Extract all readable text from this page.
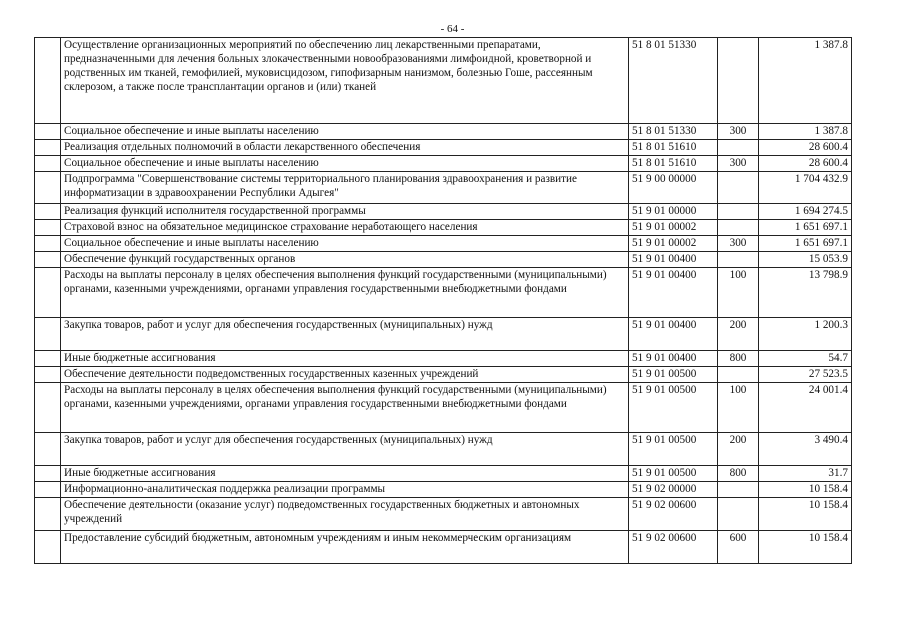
- 64 -
	Осуществление организационных мероприятий по обеспечению лиц лекарственными препаратами, предназначенными для лечения больных злокачественными новообразованиями лимфоидной, кроветворной и родственных им тканей, гемофилией, муковисцидозом, гипофизарным нанизмом, болезнью Гоше, рассеянным склерозом, а также после трансплантации органов и (или) тканей	51 8 01 51330		1 387.8
	Социальное обеспечение и иные выплаты населению	51 8 01 51330	300	1 387.8
	Реализация отдельных полномочий в области лекарственного обеспечения	51 8 01 51610		28 600.4
	Социальное обеспечение и иные выплаты населению	51 8 01 51610	300	28 600.4
	Подпрограмма "Совершенствование системы территориального планирования здравоохранения и развитие информатизации в здравоохранении Республики Адыгея"	51 9 00 00000		1 704 432.9
	Реализация функций исполнителя государственной программы	51 9 01 00000		1 694 274.5
	Страховой взнос на обязательное медицинское страхование неработающего населения	51 9 01 00002		1 651 697.1
	Социальное обеспечение и иные выплаты населению	51 9 01 00002	300	1 651 697.1
	Обеспечение функций государственных органов	51 9 01 00400		15 053.9
	Расходы на выплаты персоналу в целях обеспечения выполнения функций государственными (муниципальными) органами, казенными учреждениями, органами управления государственными внебюджетными фондами	51 9 01 00400	100	13 798.9
	Закупка товаров, работ и услуг для обеспечения государственных (муниципальных) нужд	51 9 01 00400	200	1 200.3
	Иные бюджетные ассигнования	51 9 01 00400	800	54.7
	Обеспечение деятельности подведомственных государственных казенных учреждений	51 9 01 00500		27 523.5
	Расходы на выплаты персоналу в целях обеспечения выполнения функций государственными (муниципальными) органами, казенными учреждениями, органами управления государственными внебюджетными фондами	51 9 01 00500	100	24 001.4
	Закупка товаров, работ и услуг для обеспечения государственных (муниципальных) нужд	51 9 01 00500	200	3 490.4
	Иные бюджетные ассигнования	51 9 01 00500	800	31.7
	Информационно-аналитическая поддержка реализации программы	51 9 02 00000		10 158.4
	Обеспечение деятельности (оказание услуг) подведомственных государственных бюджетных и автономных учреждений	51 9 02 00600		10 158.4
	Предоставление субсидий бюджетным, автономным учреждениям и иным некоммерческим организациям	51 9 02 00600	600	10 158.4
